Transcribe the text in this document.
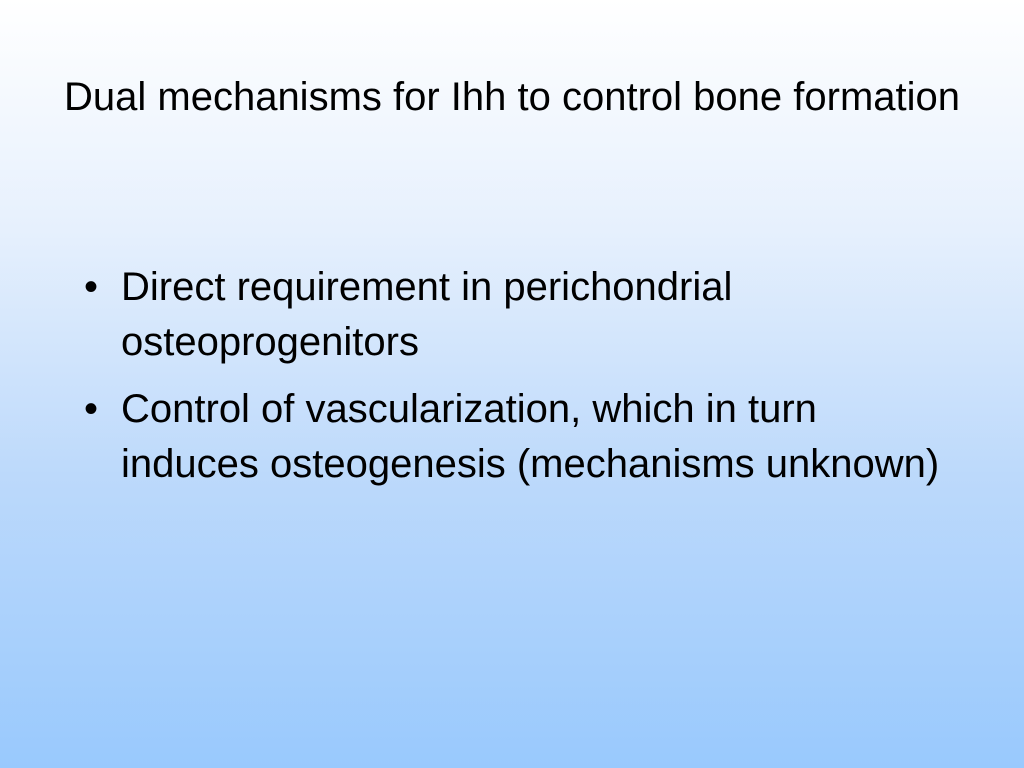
Dual mechanisms for Ihh to control bone formation
• Direct requirement in perichondrial osteoprogenitors
• Control of vascularization, which in turn induces osteogenesis (mechanisms unknown)
